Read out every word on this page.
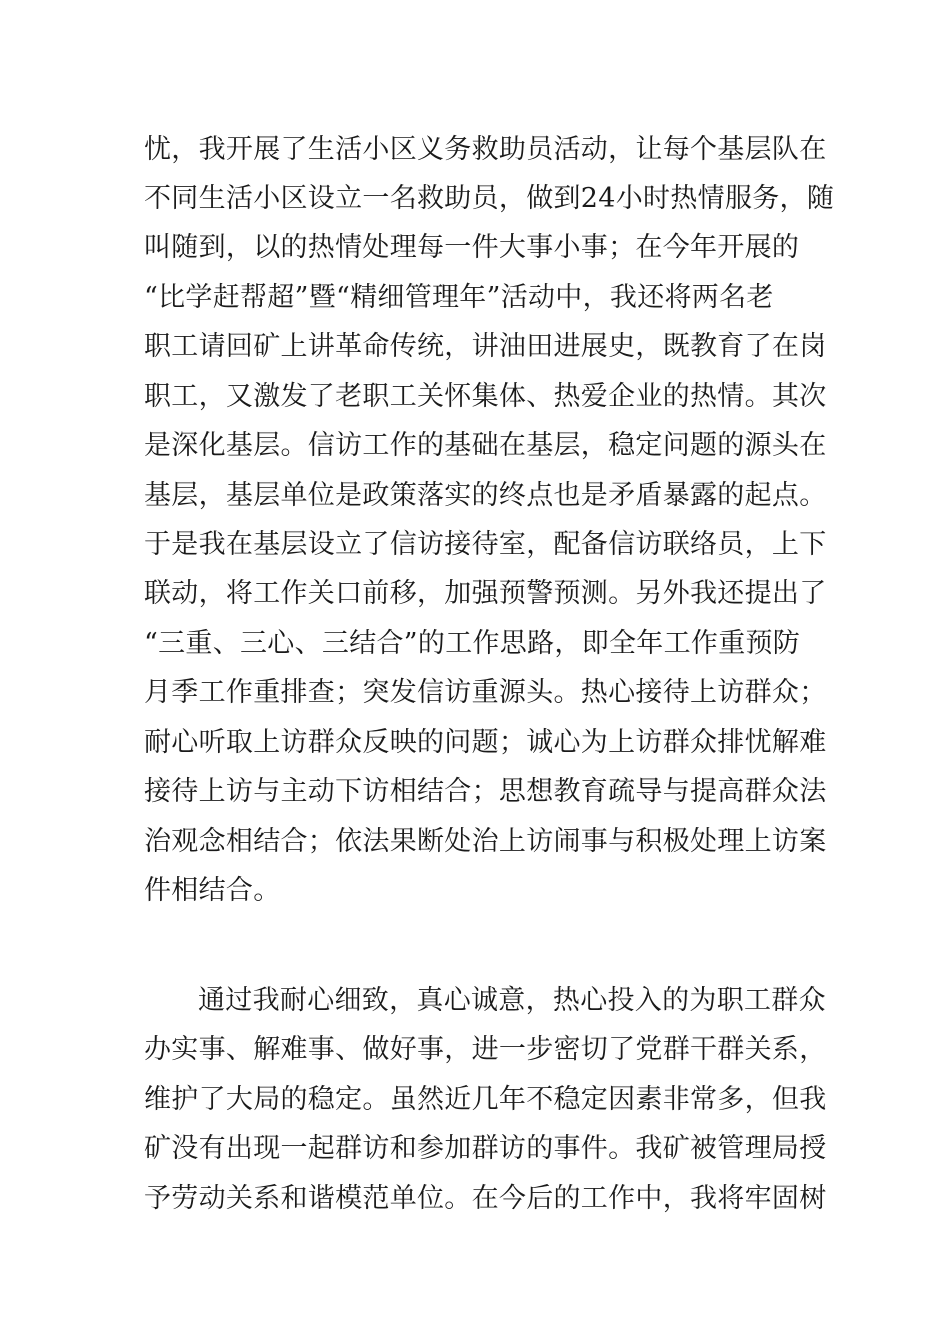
忧，我开展了生活小区义务救助员活动，让每个基层队在
不同生活小区设立一名救助员，做到24小时热情服务，随
叫随到，以的热情处理每一件大事小事；在今年开展的
“比学赶帮超”暨“精细管理年”活动中，我还将两名老
职工请回矿上讲革命传统，讲油田进展史，既教育了在岗
职工，又激发了老职工关怀集体、热爱企业的热情。其次
是深化基层。信访工作的基础在基层，稳定问题的源头在
基层，基层单位是政策落实的终点也是矛盾暴露的起点。
于是我在基层设立了信访接待室，配备信访联络员，上下
联动，将工作关口前移，加强预警预测。另外我还提出了
“三重、三心、三结合”的工作思路，即全年工作重预防
月季工作重排查；突发信访重源头。热心接待上访群众；
耐心听取上访群众反映的问题；诚心为上访群众排忧解难
接待上访与主动下访相结合；思想教育疏导与提高群众法
治观念相结合；依法果断处治上访闹事与积极处理上访案
件相结合。
通过我耐心细致，真心诚意，热心投入的为职工群众
办实事、解难事、做好事，进一步密切了党群干群关系，
维护了大局的稳定。虽然近几年不稳定因素非常多，但我
矿没有出现一起群访和参加群访的事件。我矿被管理局授
予劳动关系和谐模范单位。在今后的工作中，我将牢固树
